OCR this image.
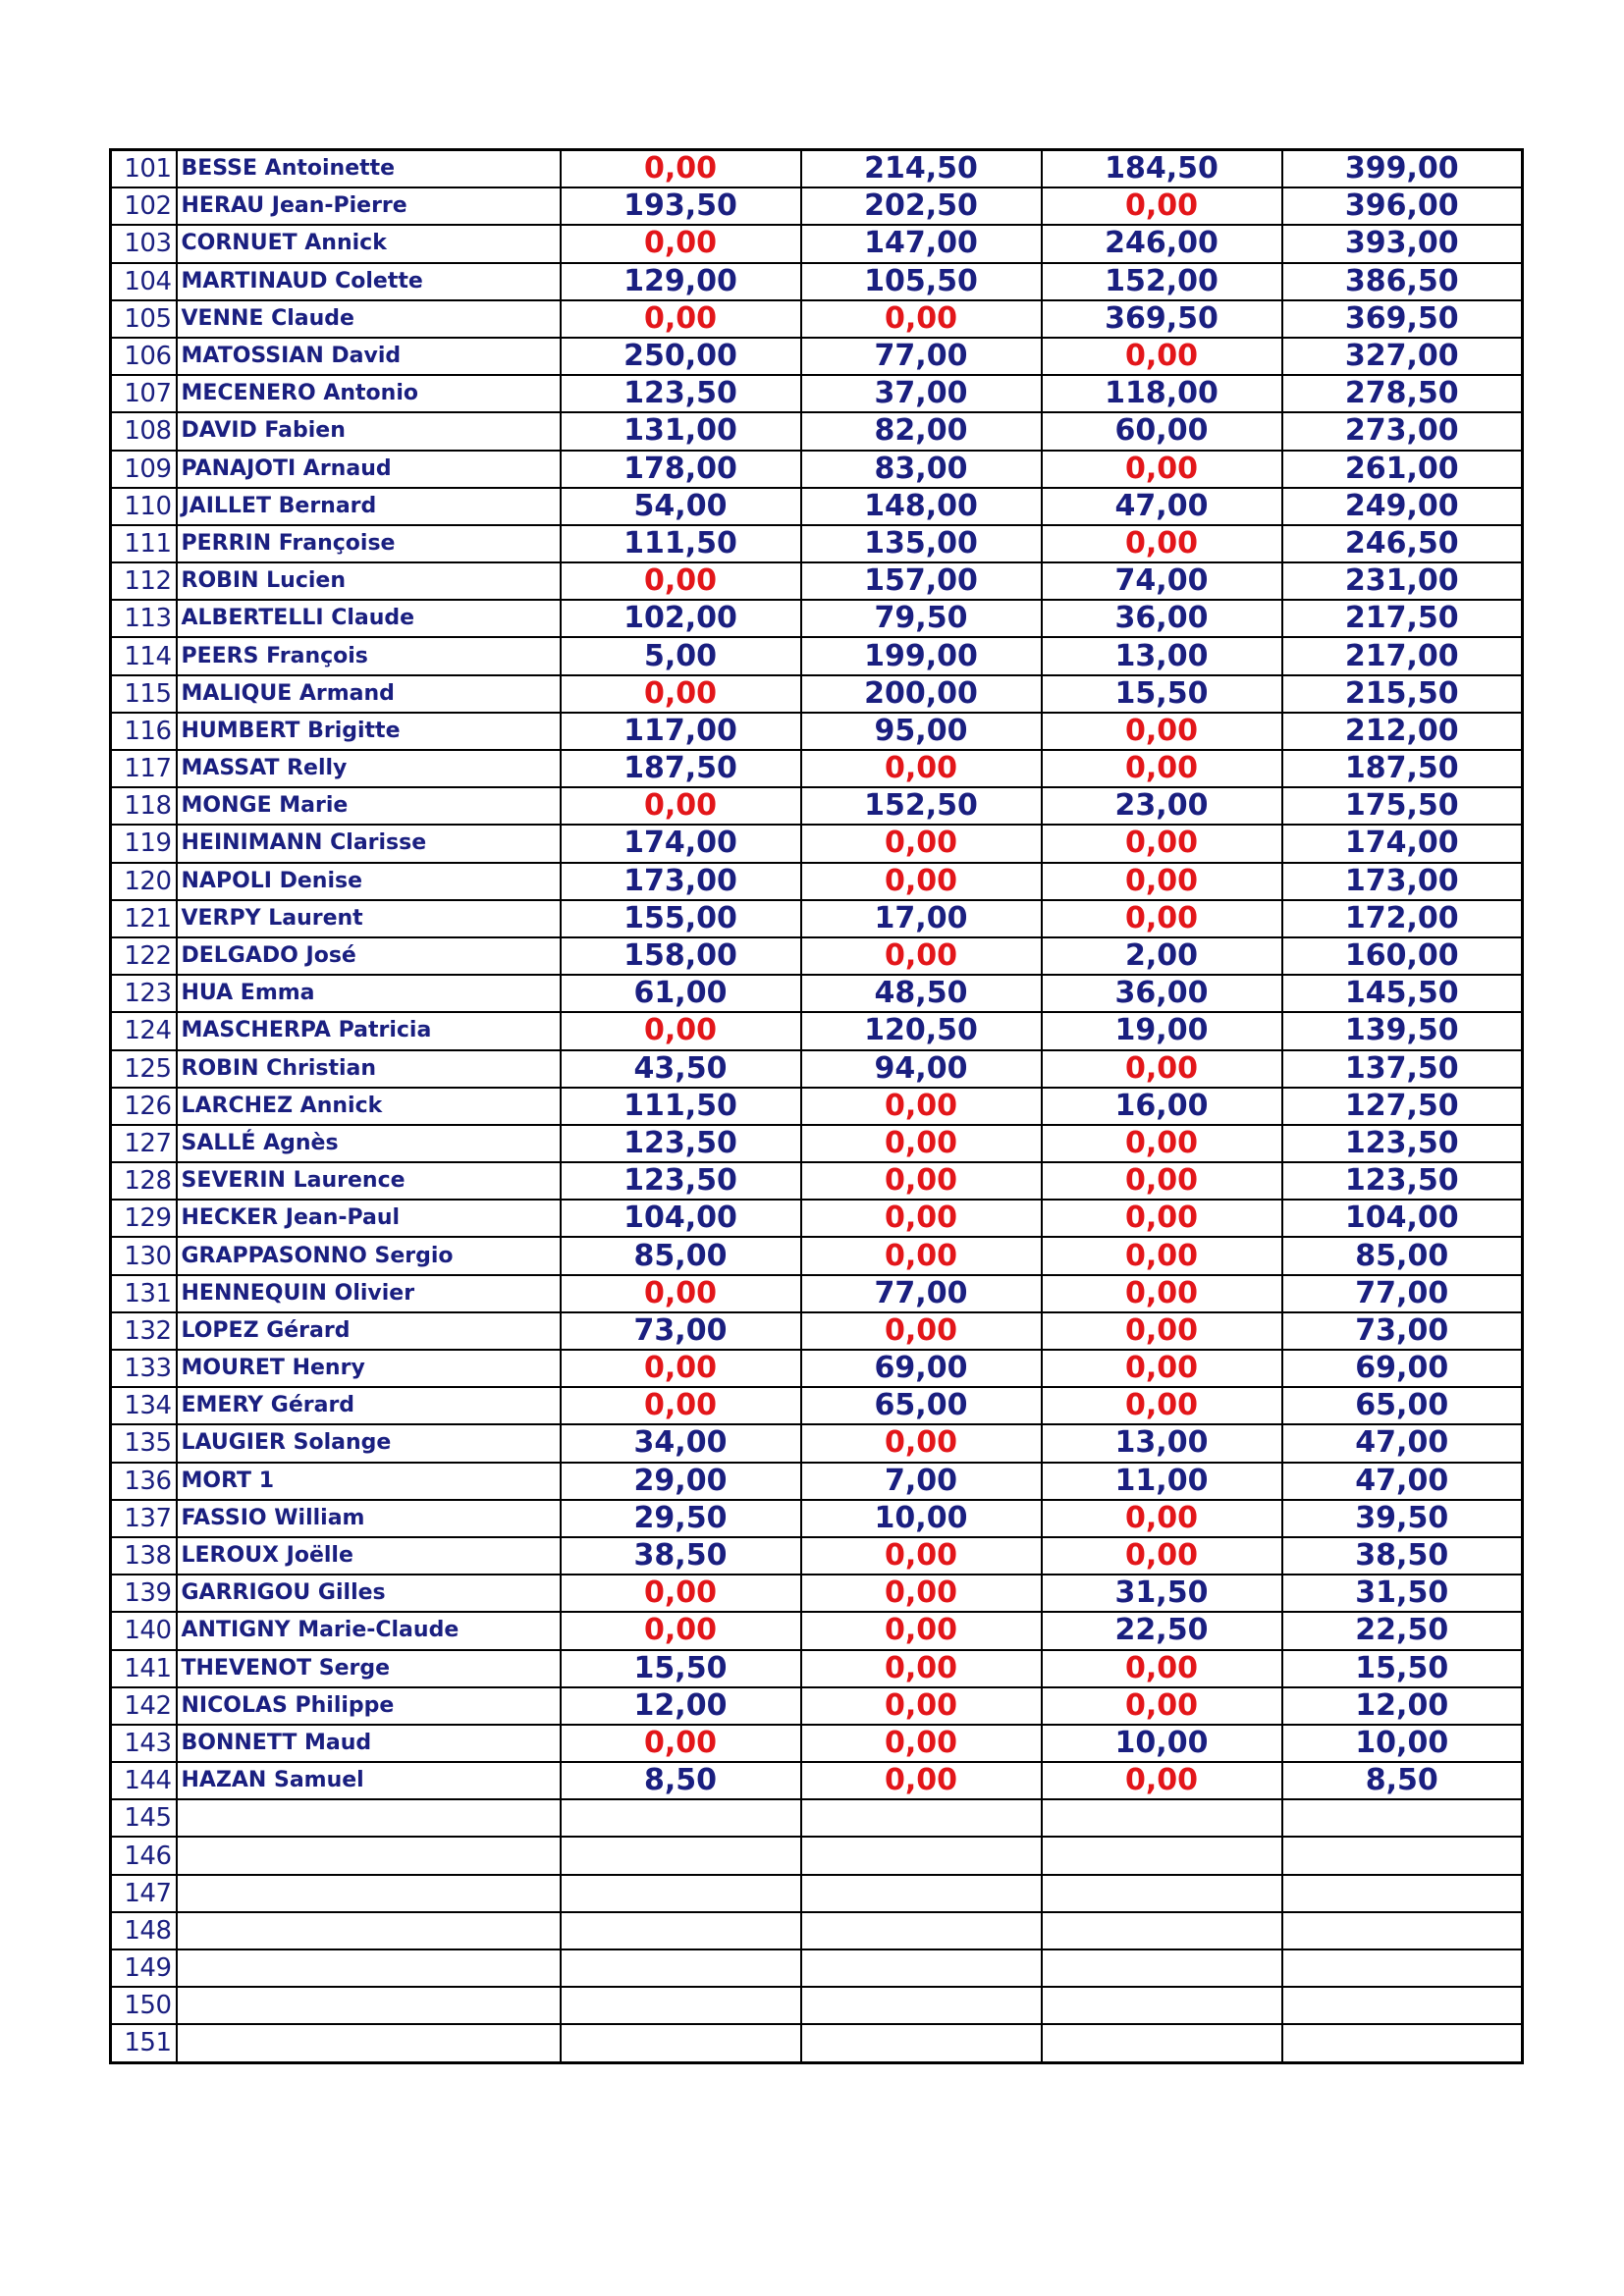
101	BESSE Antoinette	0,00	214,50	184,50	399,00
102	HERAU Jean-Pierre	193,50	202,50	0,00	396,00
103	CORNUET Annick	0,00	147,00	246,00	393,00
104	MARTINAUD Colette	129,00	105,50	152,00	386,50
105	VENNE Claude	0,00	0,00	369,50	369,50
106	MATOSSIAN David	250,00	77,00	0,00	327,00
107	MECENERO Antonio	123,50	37,00	118,00	278,50
108	DAVID Fabien	131,00	82,00	60,00	273,00
109	PANAJOTI Arnaud	178,00	83,00	0,00	261,00
110	JAILLET Bernard	54,00	148,00	47,00	249,00
111	PERRIN Françoise	111,50	135,00	0,00	246,50
112	ROBIN Lucien	0,00	157,00	74,00	231,00
113	ALBERTELLI Claude	102,00	79,50	36,00	217,50
114	PEERS François	5,00	199,00	13,00	217,00
115	MALIQUE Armand	0,00	200,00	15,50	215,50
116	HUMBERT Brigitte	117,00	95,00	0,00	212,00
117	MASSAT Relly	187,50	0,00	0,00	187,50
118	MONGE Marie	0,00	152,50	23,00	175,50
119	HEINIMANN Clarisse	174,00	0,00	0,00	174,00
120	NAPOLI Denise	173,00	0,00	0,00	173,00
121	VERPY Laurent	155,00	17,00	0,00	172,00
122	DELGADO José	158,00	0,00	2,00	160,00
123	HUA Emma	61,00	48,50	36,00	145,50
124	MASCHERPA Patricia	0,00	120,50	19,00	139,50
125	ROBIN Christian	43,50	94,00	0,00	137,50
126	LARCHEZ Annick	111,50	0,00	16,00	127,50
127	SALLÉ Agnès	123,50	0,00	0,00	123,50
128	SEVERIN Laurence	123,50	0,00	0,00	123,50
129	HECKER Jean-Paul	104,00	0,00	0,00	104,00
130	GRAPPASONNO Sergio	85,00	0,00	0,00	85,00
131	HENNEQUIN Olivier	0,00	77,00	0,00	77,00
132	LOPEZ Gérard	73,00	0,00	0,00	73,00
133	MOURET Henry	0,00	69,00	0,00	69,00
134	EMERY Gérard	0,00	65,00	0,00	65,00
135	LAUGIER Solange	34,00	0,00	13,00	47,00
136	MORT 1	29,00	7,00	11,00	47,00
137	FASSIO William	29,50	10,00	0,00	39,50
138	LEROUX Joëlle	38,50	0,00	0,00	38,50
139	GARRIGOU Gilles	0,00	0,00	31,50	31,50
140	ANTIGNY Marie-Claude	0,00	0,00	22,50	22,50
141	THEVENOT Serge	15,50	0,00	0,00	15,50
142	NICOLAS Philippe	12,00	0,00	0,00	12,00
143	BONNETT Maud	0,00	0,00	10,00	10,00
144	HAZAN Samuel	8,50	0,00	0,00	8,50
145					
146					
147					
148					
149					
150					
151					
